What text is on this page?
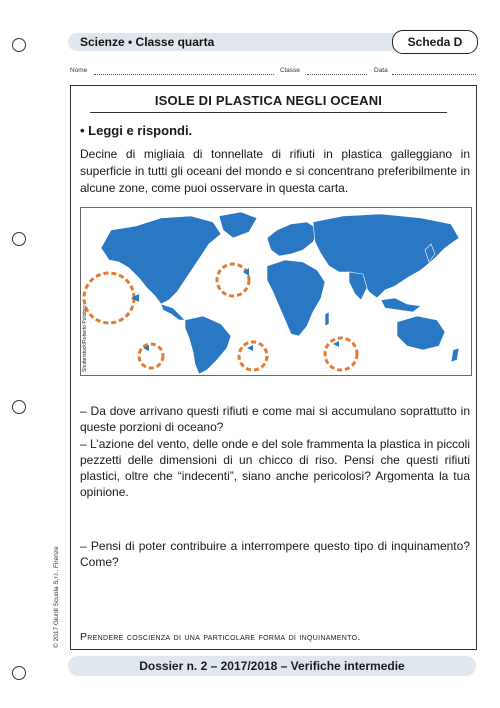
Scienze • Classe quarta	Scheda D
Nome	Classe	Data
ISOLE DI PLASTICA NEGLI OCEANI
• Leggi e rispondi.
Decine di migliaia di tonnellate di rifiuti in plastica galleggiano in superficie in tutti gli oceani del mondo e si concentrano preferibilmente in alcune zone, come puoi osservare in questa carta.
Shutterstock/Roberto Polidoro
– Da dove arrivano questi rifiuti e come mai si accumulano soprattutto in queste porzioni di oceano?
– L’azione del vento, delle onde e del sole frammenta la plastica in piccoli pezzetti delle dimensioni di un chicco di riso. Pensi che questi rifiuti plastici, oltre che “indecenti”, siano anche pericolosi? Argomenta la tua opinione.
– Pensi di poter contribuire a interrompere questo tipo di inquinamento? Come?
Prendere coscienza di una particolare forma di inquinamento.
© 2017 Giunti Scuola S.r.l., Firenze
Dossier n. 2 – 2017/2018 – Verifiche intermedie
